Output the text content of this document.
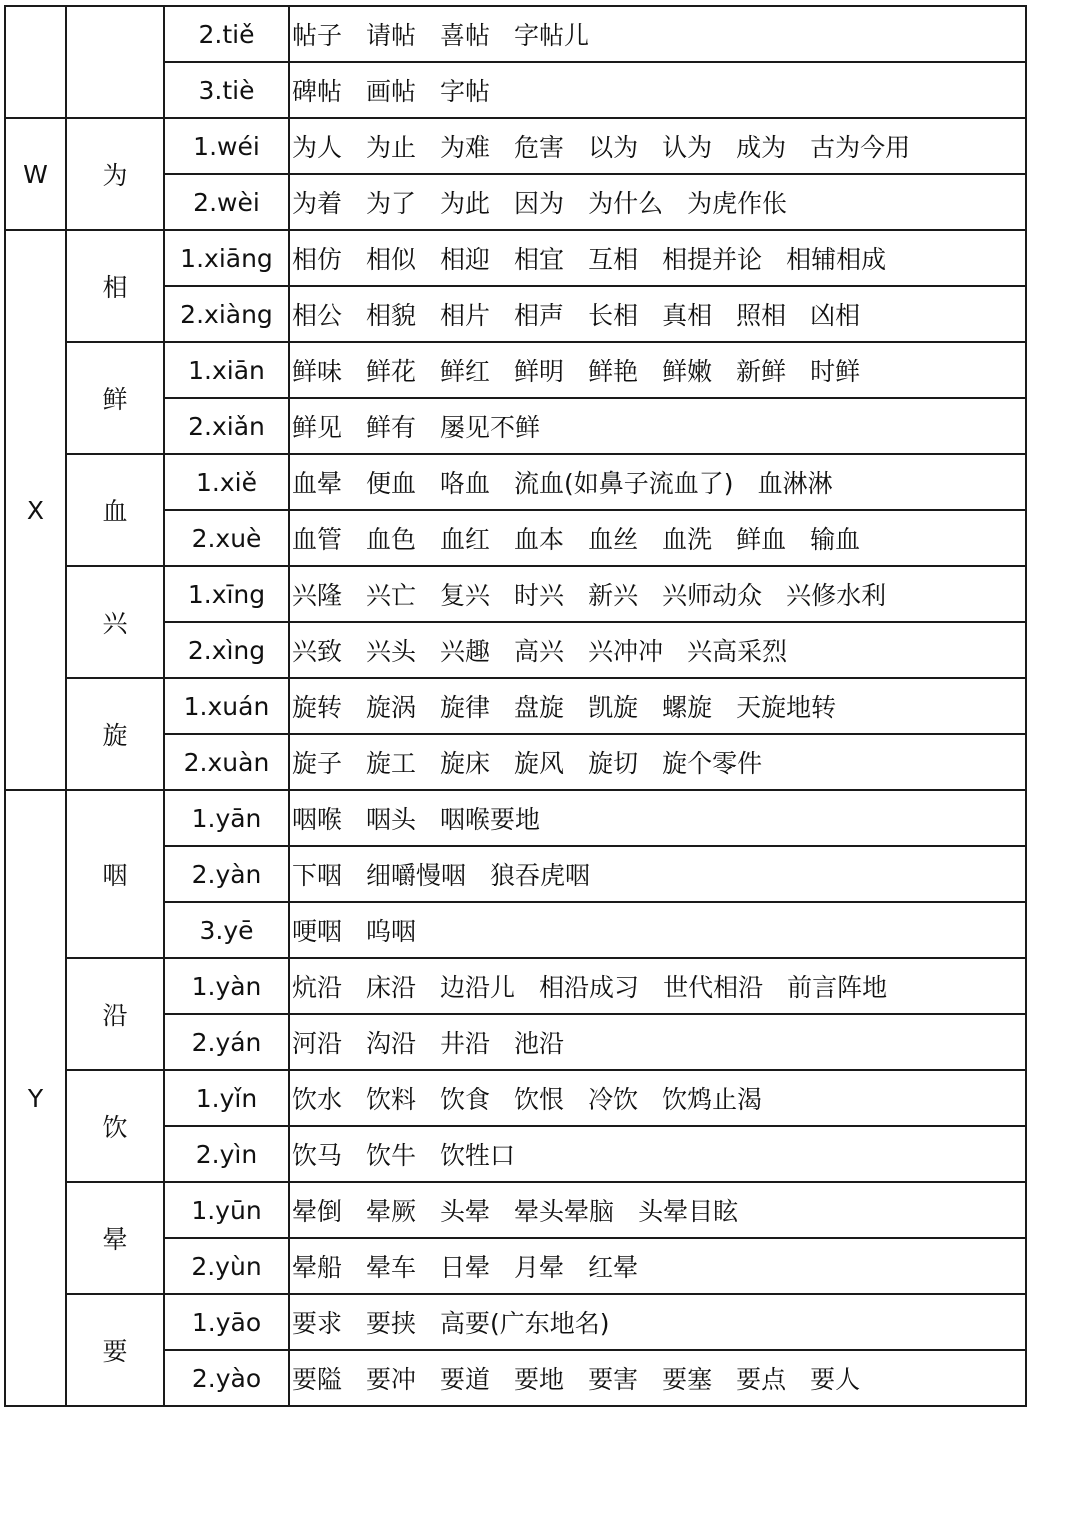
		2.tiě	帖子 请帖 喜帖 字帖儿
		3.tiè	碑帖 画帖 字帖
W	为	1.wéi	为人 为止 为难 危害 以为 认为 成为 古为今用
		2.wèi	为着 为了 为此 因为 为什么 为虎作伥
X	相	1.xiāng	相仿 相似 相迎 相宜 互相 相提并论 相辅相成
		2.xiàng	相公 相貌 相片 相声 长相 真相 照相 凶相
	鲜	1.xiān	鲜味 鲜花 鲜红 鲜明 鲜艳 鲜嫩 新鲜 时鲜
		2.xiǎn	鲜见 鲜有 屡见不鲜
	血	1.xiě	血晕 便血 咯血 流血(如鼻子流血了) 血淋淋
		2.xuè	血管 血色 血红 血本 血丝 血洗 鲜血 输血
	兴	1.xīng	兴隆 兴亡 复兴 时兴 新兴 兴师动众 兴修水利
		2.xìng	兴致 兴头 兴趣 高兴 兴冲冲 兴高采烈
	旋	1.xuán	旋转 旋涡 旋律 盘旋 凯旋 螺旋 天旋地转
		2.xuàn	旋子 旋工 旋床 旋风 旋切 旋个零件
Y	咽	1.yān	咽喉 咽头 咽喉要地
		2.yàn	下咽 细嚼慢咽 狼吞虎咽
		3.yē	哽咽 呜咽
	沿	1.yàn	炕沿 床沿 边沿儿 相沿成习 世代相沿 前言阵地
		2.yán	河沿 沟沿 井沿 池沿
	饮	1.yǐn	饮水 饮料 饮食 饮恨 冷饮 饮鸩止渴
		2.yìn	饮马 饮牛 饮牲口
	晕	1.yūn	晕倒 晕厥 头晕 晕头晕脑 头晕目眩
		2.yùn	晕船 晕车 日晕 月晕 红晕
	要	1.yāo	要求 要挟 高要(广东地名)
		2.yào	要隘 要冲 要道 要地 要害 要塞 要点 要人
